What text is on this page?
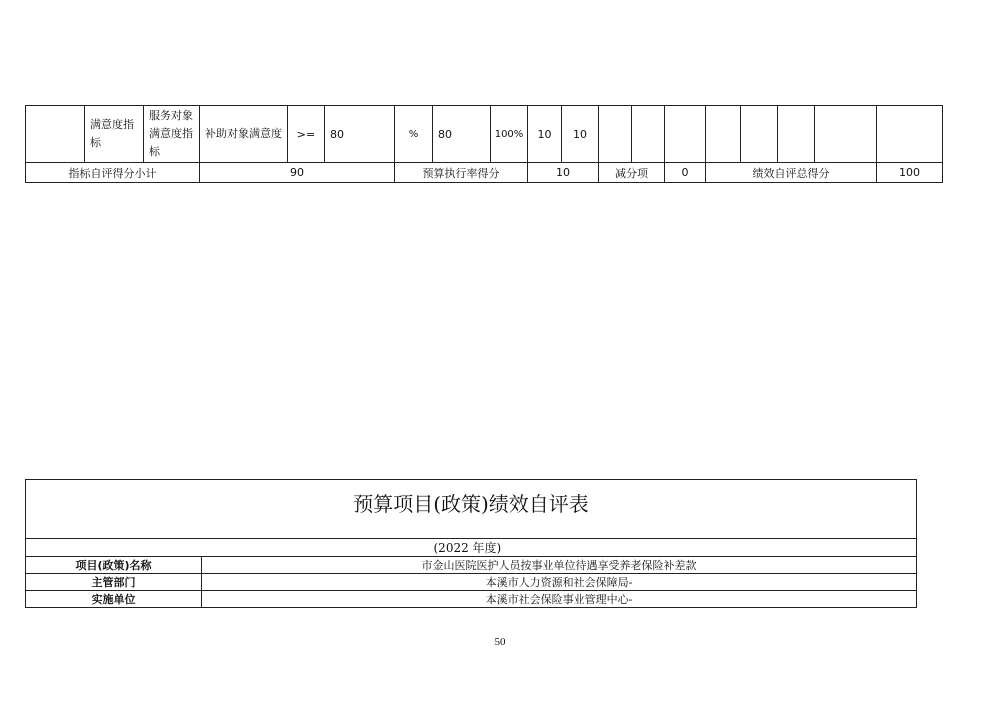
	满意度指标	服务对象满意度指标	补助对象满意度	>=	80	%	80	100%	10	10								
指标自评得分小计			90			预算执行率得分			10		减分项		0	绩效自评总得分				100
预算项目(政策)绩效自评表	

	(2022 年度)
项目(政策)名称	市金山医院医护人员按事业单位待遇享受养老保险补差款
主管部门	本溪市人力资源和社会保障局-
实施单位	本溪市社会保险事业管理中心-
50
